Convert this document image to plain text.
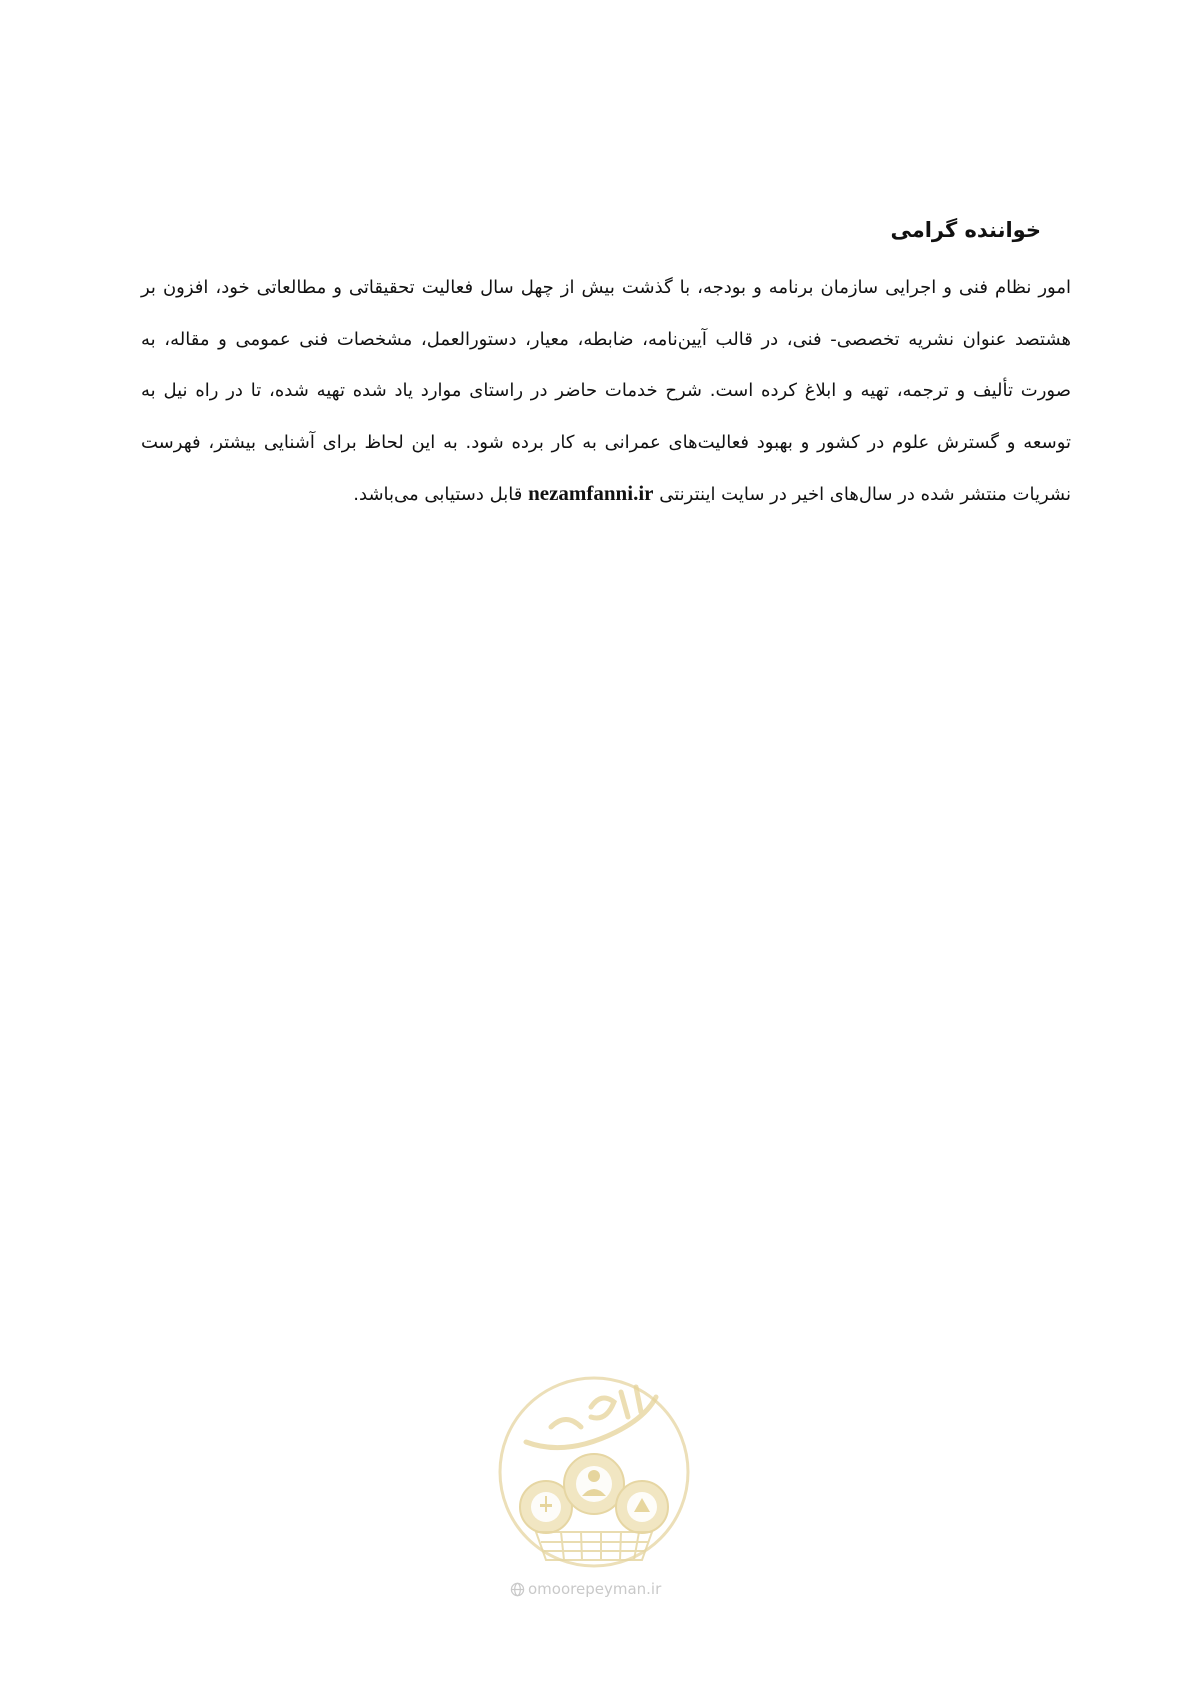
خواننده گرامی

امور نظام فنی و اجرایی سازمان برنامه و بودجه، با گذشت بیش از چهل سال فعالیت تحقیقاتی و مطالعاتی خود، افزون بر هشتصد عنوان نشریه تخصصی- فنی، در قالب آیین‌نامه، ضابطه، معیار، دستورالعمل، مشخصات فنی عمومی و مقاله، به صورت تألیف و ترجمه، تهیه و ابلاغ کرده است. شرح خدمات حاضر در راستای موارد یاد شده تهیه شده، تا در راه نیل به توسعه و گسترش علوم در کشور و بهبود فعالیت‌های عمرانی به کار برده شود. به این لحاظ برای آشنایی بیشتر، فهرست نشریات منتشر شده در سال‌های اخیر در سایت اینترنتی nezamfanni.ir قابل دستیابی می‌باشد.

omoorepeyman.ir
